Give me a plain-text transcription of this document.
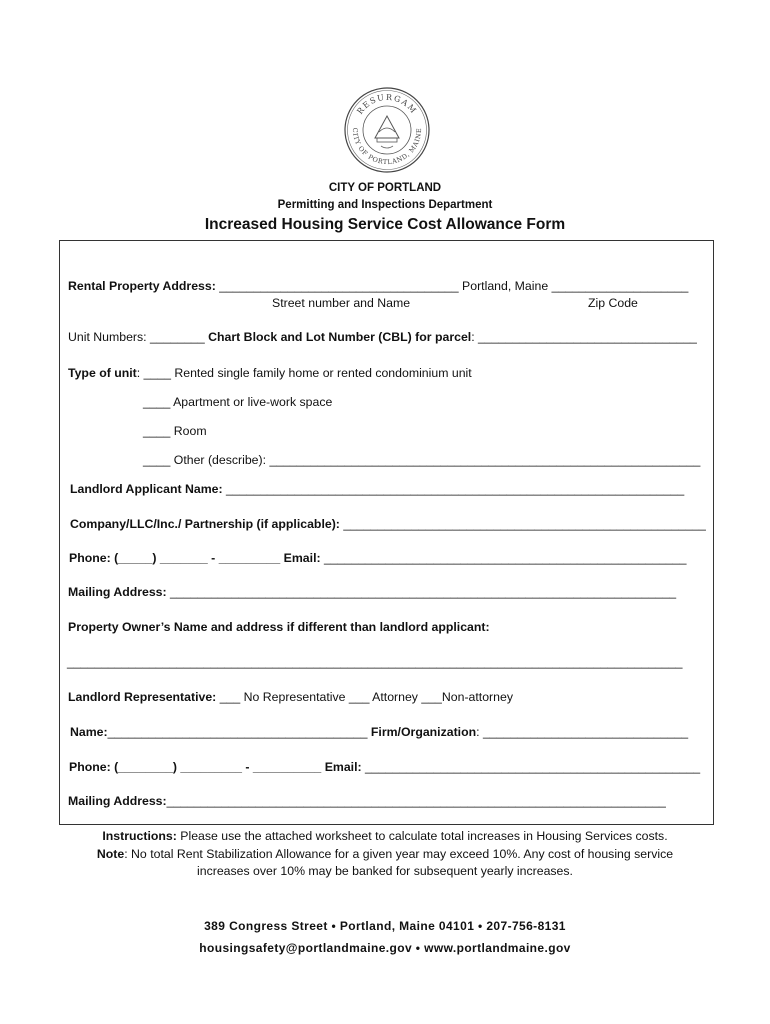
RESURGAM
CITY OF PORTLAND, MAINE
CITY OF PORTLAND
Permitting and Inspections Department
Increased Housing Service Cost Allowance Form
Rental Property Address: ___________________________________ Portland, Maine ____________________
Street number and Name	Zip Code
Unit Numbers: ________ Chart Block and Lot Number (CBL) for parcel: ________________________________
Type of unit: ____ Rented single family home or rented condominium unit
____ Apartment or live-work space
____ Room
____ Other (describe): _______________________________________________________________
Landlord Applicant Name: ___________________________________________________________________
Company/LLC/Inc./ Partnership (if applicable): _____________________________________________________
Phone: (_____) _______ - _________ Email: _____________________________________________________
Mailing Address: __________________________________________________________________________
Property Owner’s Name and address if different than landlord applicant:
__________________________________________________________________________________________
Landlord Representative: ___ No Representative ___ Attorney ___Non-attorney
Name:______________________________________ Firm/Organization: ______________________________
Phone: (________) _________ - __________ Email: _________________________________________________
Mailing Address:_________________________________________________________________________
Instructions: Please use the attached worksheet to calculate total increases in Housing Services costs.
Note: No total Rent Stabilization Allowance for a given year may exceed 10%. Any cost of housing service
increases over 10% may be banked for subsequent yearly increases.
389 Congress Street • Portland, Maine 04101 • 207-756-8131
housingsafety@portlandmaine.gov • www.portlandmaine.gov
